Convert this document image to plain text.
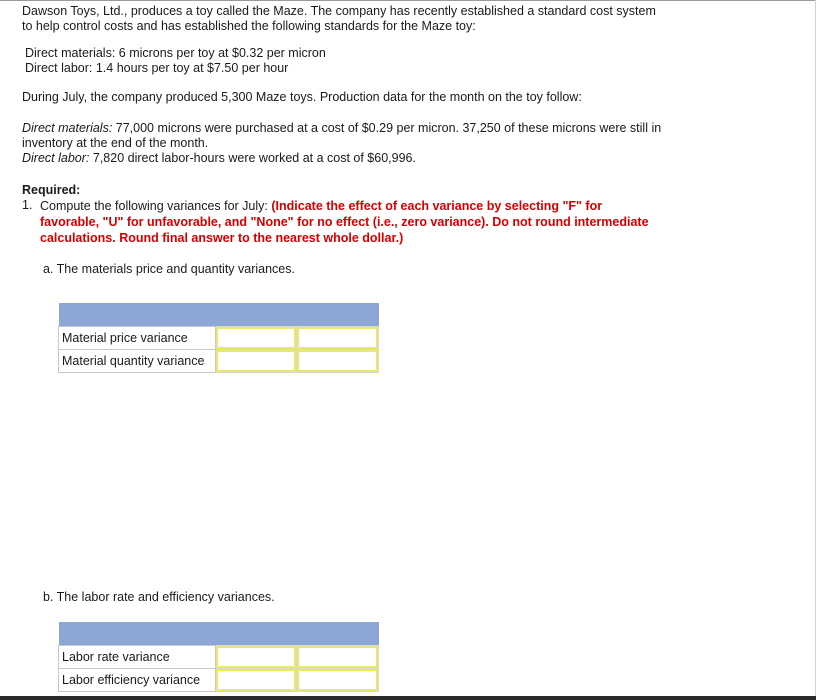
Dawson Toys, Ltd., produces a toy called the Maze. The company has recently established a standard cost system to help control costs and has established the following standards for the Maze toy:

Direct materials: 6 microns per toy at $0.32 per micron

Direct labor: 1.4 hours per toy at $7.50 per hour

During July, the company produced 5,300 Maze toys. Production data for the month on the toy follow:

Direct materials: 77,000 microns were purchased at a cost of $0.29 per micron. 37,250 of these microns were still in inventory at the end of the month.

Direct labor: 7,820 direct labor-hours were worked at a cost of $60,996.

Required:

1. Compute the following variances for July: (Indicate the effect of each variance by selecting "F" for favorable, "U" for unfavorable, and "None" for no effect (i.e., zero variance). Do not round intermediate calculations. Round final answer to the nearest whole dollar.)

a. The materials price and quantity variances.

Material price variance	

Material quantity variance	

b. The labor rate and efficiency variances.

Labor rate variance	

Labor efficiency variance	
